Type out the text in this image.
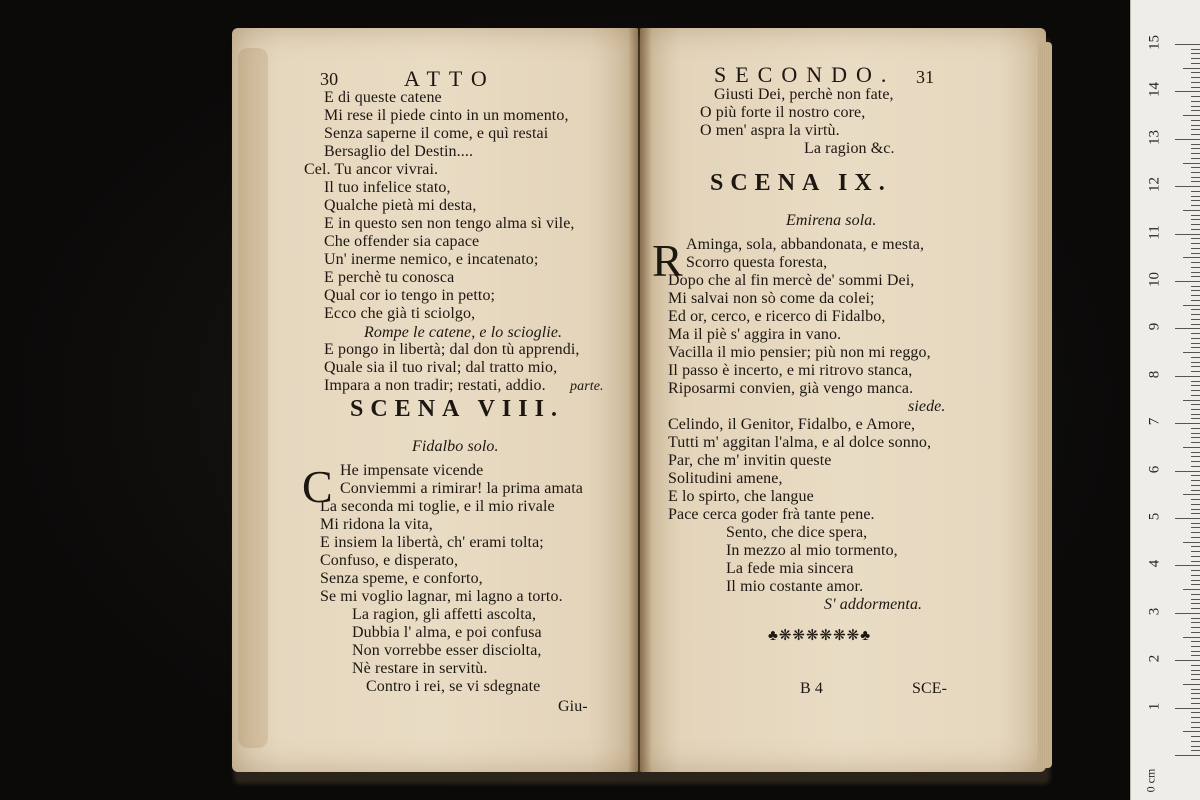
15
14
13
12
11
10
9
8
7
6
5
4
3
2
1
0 cm
30	ATTO
E di queste catene
Mi rese il piede cinto in un momento,
Senza saperne il come, e quì restai
Bersaglio del Destin....
Cel. Tu ancor vivrai.
Il tuo infelice stato,
Qualche pietà mi desta,
E in questo sen non tengo alma sì vile,
Che offender sia capace
Un' inerme nemico, e incatenato;
E perchè tu conosca
Qual cor io tengo in petto;
Ecco che già ti sciolgo,
Rompe le catene, e lo scioglie.
E pongo in libertà; dal don tù apprendi,
Quale sia il tuo rival; dal tratto mio,
Impara a non tradir; restati, addio. parte.
SCENA VIII.
Fidalbo solo.
C He impensate vicende
Conviemmi a rimirar! la prima amata
La seconda mi toglie, e il mio rivale
Mi ridona la vita,
E insiem la libertà, ch' erami tolta;
Confuso, e disperato,
Senza speme, e conforto,
Se mi voglio lagnar, mi lagno a torto.
La ragion, gli affetti ascolta,
Dubbia l' alma, e poi confusa
Non vorrebbe esser disciolta,
Nè restare in servitù.
Contro i rei, se vi sdegnate
Giu-
SECONDO. 31
Giusti Dei, perchè non fate,
O più forte il nostro core,
O men' aspra la virtù.
La ragion &c.
SCENA IX.
Emirena sola.
R Aminga, sola, abbandonata, e mesta,
Scorro questa foresta,
Dopo che al fin mercè de' sommi Dei,
Mi salvai non sò come da colei;
Ed or, cerco, e ricerco di Fidalbo,
Ma il piè s' aggira in vano.
Vacilla il mio pensier; più non mi reggo,
Il passo è incerto, e mi ritrovo stanca,
Riposarmi convien, già vengo manca.
siede.
Celindo, il Genitor, Fidalbo, e Amore,
Tutti m' aggitan l'alma, e al dolce sonno,
Par, che m' invitin queste
Solitudini amene,
E lo spirto, che langue
Pace cerca goder frà tante pene.
Sento, che dice spera,
In mezzo al mio tormento,
La fede mia sincera
Il mio costante amor.
S' addormenta.
♣❋❋❋❋❋❋♣
B 4	SCE-
